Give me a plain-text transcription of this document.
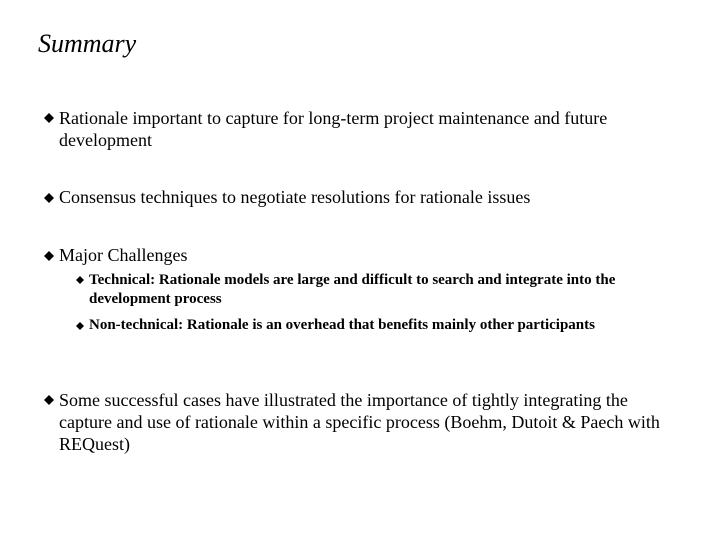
Summary
Rationale important to capture for long-term project maintenance and future development
Consensus techniques to negotiate resolutions for rationale issues
Major Challenges
Technical: Rationale models are large and difficult to search and integrate into the development process
Non-technical: Rationale is an overhead that benefits mainly other participants
Some successful cases have illustrated the importance of tightly integrating the capture and use of rationale within a specific process (Boehm, Dutoit & Paech with REQuest)
